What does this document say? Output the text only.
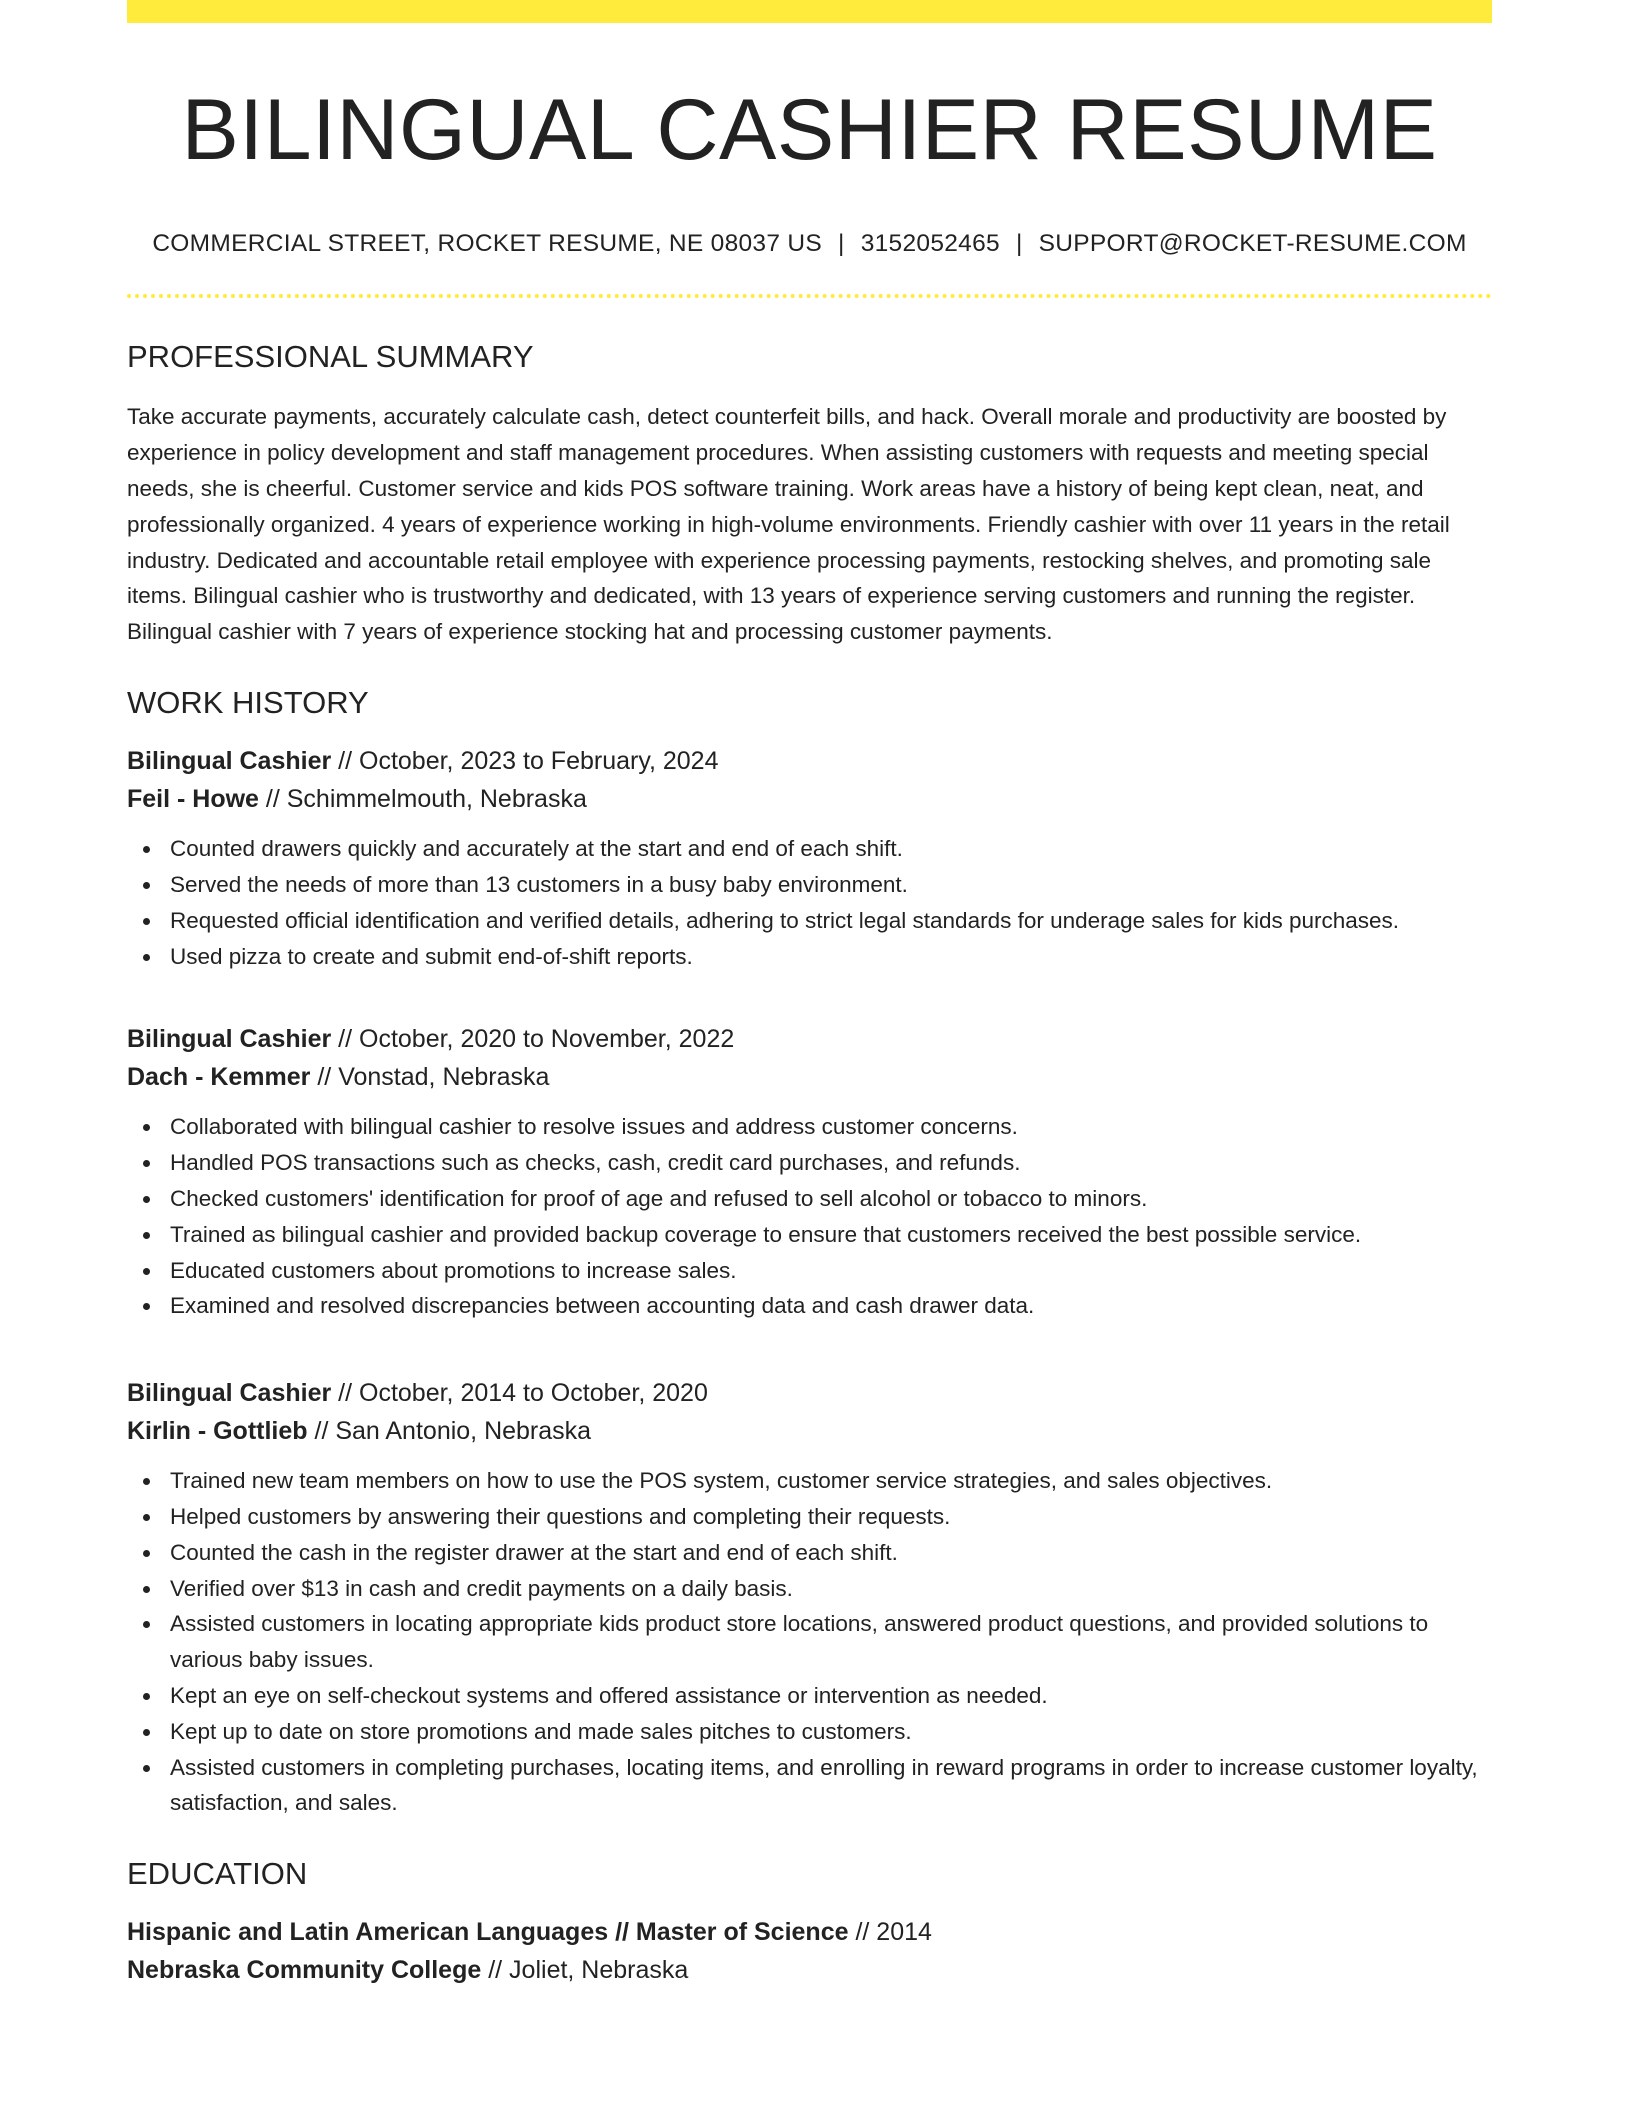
BILINGUAL CASHIER RESUME
COMMERCIAL STREET, ROCKET RESUME, NE 08037 US | 3152052465 | SUPPORT@ROCKET-RESUME.COM
PROFESSIONAL SUMMARY

Take accurate payments, accurately calculate cash, detect counterfeit bills, and hack. Overall morale and productivity are boosted by experience in policy development and staff management procedures. When assisting customers with requests and meeting special needs, she is cheerful. Customer service and kids POS software training. Work areas have a history of being kept clean, neat, and professionally organized. 4 years of experience working in high-volume environments. Friendly cashier with over 11 years in the retail industry. Dedicated and accountable retail employee with experience processing payments, restocking shelves, and promoting sale items. Bilingual cashier who is trustworthy and dedicated, with 13 years of experience serving customers and running the register. Bilingual cashier with 7 years of experience stocking hat and processing customer payments.

WORK HISTORY
Bilingual Cashier // October, 2023 to February, 2024
Feil - Howe // Schimmelmouth, Nebraska
Counted drawers quickly and accurately at the start and end of each shift.
Served the needs of more than 13 customers in a busy baby environment.
Requested official identification and verified details, adhering to strict legal standards for underage sales for kids purchases.
Used pizza to create and submit end-of-shift reports.
Bilingual Cashier // October, 2020 to November, 2022
Dach - Kemmer // Vonstad, Nebraska
Collaborated with bilingual cashier to resolve issues and address customer concerns.
Handled POS transactions such as checks, cash, credit card purchases, and refunds.
Checked customers' identification for proof of age and refused to sell alcohol or tobacco to minors.
Trained as bilingual cashier and provided backup coverage to ensure that customers received the best possible service.
Educated customers about promotions to increase sales.
Examined and resolved discrepancies between accounting data and cash drawer data.
Bilingual Cashier // October, 2014 to October, 2020
Kirlin - Gottlieb // San Antonio, Nebraska
Trained new team members on how to use the POS system, customer service strategies, and sales objectives.
Helped customers by answering their questions and completing their requests.
Counted the cash in the register drawer at the start and end of each shift.
Verified over $13 in cash and credit payments on a daily basis.
Assisted customers in locating appropriate kids product store locations, answered product questions, and provided solutions to various baby issues.
Kept an eye on self-checkout systems and offered assistance or intervention as needed.
Kept up to date on store promotions and made sales pitches to customers.
Assisted customers in completing purchases, locating items, and enrolling in reward programs in order to increase customer loyalty, satisfaction, and sales.
EDUCATION
Hispanic and Latin American Languages // Master of Science // 2014
Nebraska Community College // Joliet, Nebraska
